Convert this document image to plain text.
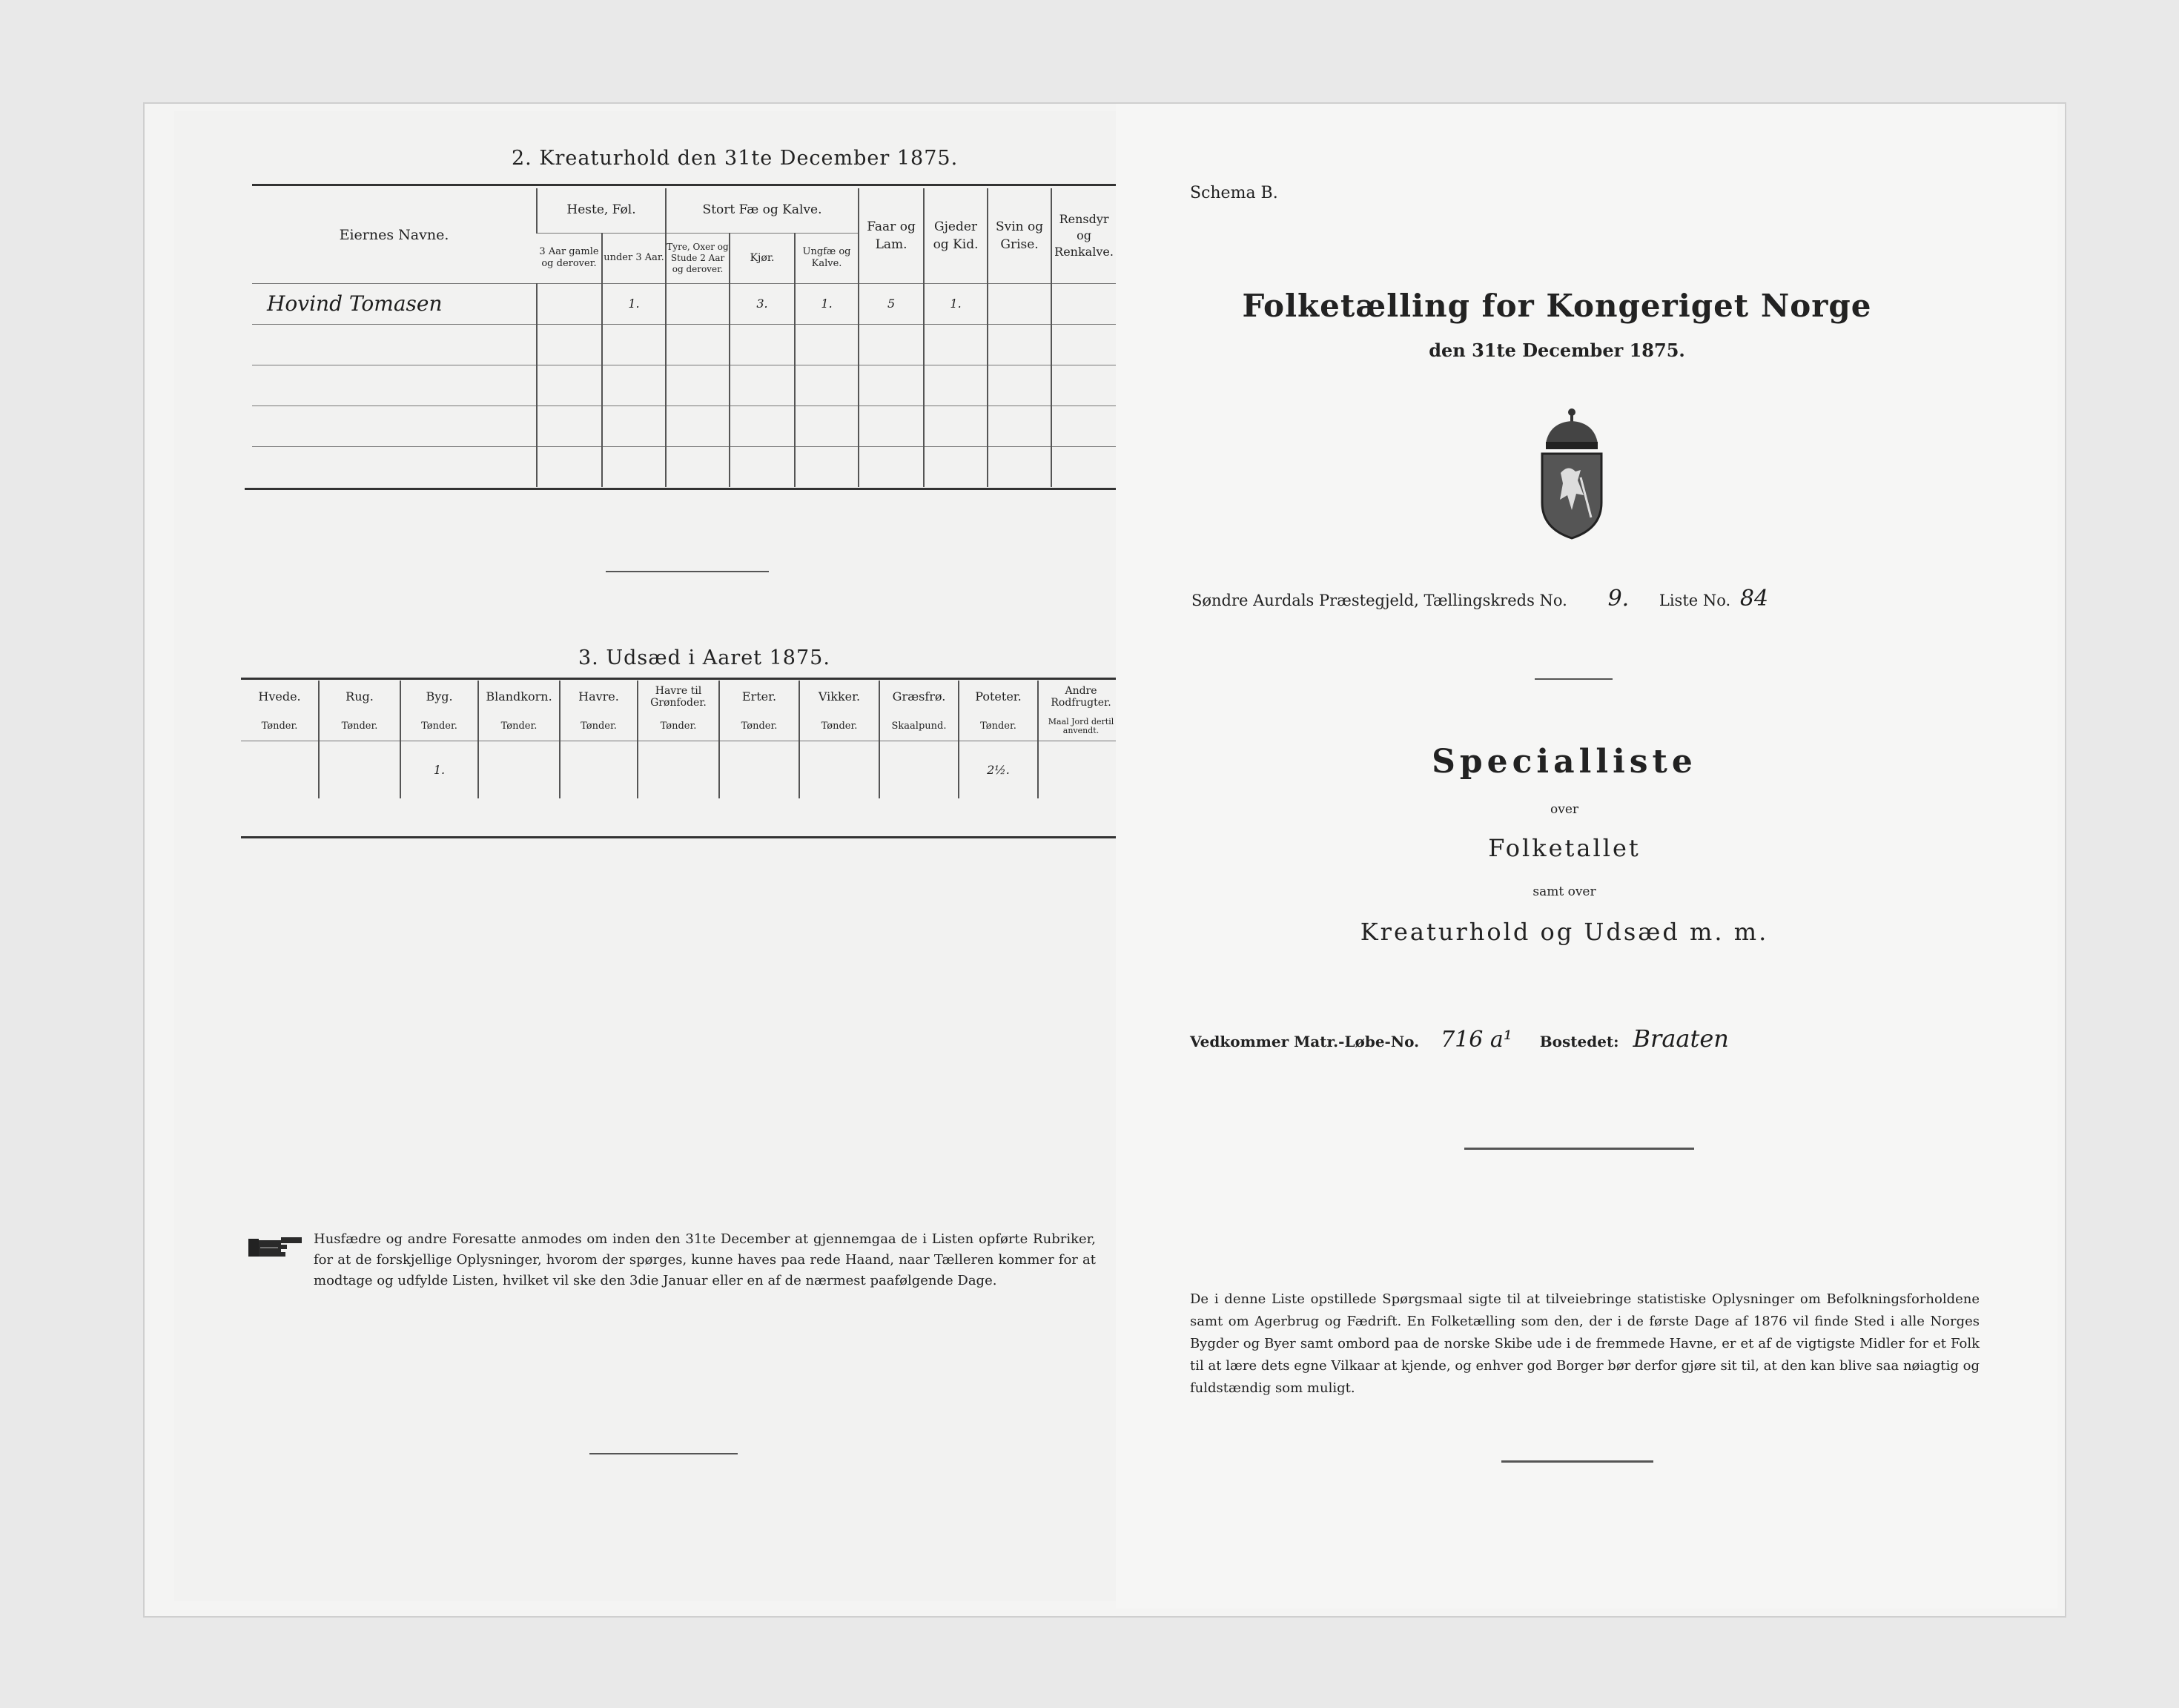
2. Kreaturhold den 31te December 1875.
Eiernes Navne.	Heste, Føl.		Stort Fæ og Kalve.			Faar og Lam.	Gjeder og Kid.	Svin og Grise.	Rensdyr og Renkalve.
	3 Aar gamle og derover.	under 3 Aar.	Tyre, Oxer og Stude 2 Aar og derover.	Kjør.	Ungfæ og Kalve.				
Hovind Tomasen		1.		3.	1.	5	1.		

3. Udsæd i Aaret 1875.
Hvede.	Rug.	Byg.	Blandkorn.	Havre.	Havre til Grønfoder.	Erter.	Vikker.	Græsfrø.	Poteter.	Andre Rodfrugter.
Tønder.	Tønder.	Tønder.	Tønder.	Tønder.	Tønder.	Tønder.	Tønder.	Skaalpund.	Tønder.	Maal Jord dertil anvendt.
		1.							2½.	
Husfædre og andre Foresatte anmodes om inden den 31te December at gjennemgaa de i Listen opførte Rubriker, for at de forskjellige Oplysninger, hvorom der spørges, kunne haves paa rede Haand, naar Tælleren kommer for at modtage og udfylde Listen, hvilket vil ske den 3die Januar eller en af de nærmest paafølgende Dage.
Schema B.
Folketælling for Kongeriget Norge
den 31te December 1875.
Søndre Aurdals Præstegjeld, Tællingskreds No. 9. Liste No. 84
Specialliste
over
Folketallet
samt over
Kreaturhold og Udsæd m. m.
Vedkommer Matr.-Løbe-No. 716 a¹ Bostedet: Braaten
De i denne Liste opstillede Spørgsmaal sigte til at tilveiebringe statistiske Oplysninger om Befolkningsforholdene samt om Agerbrug og Fædrift. En Folketælling som den, der i de første Dage af 1876 vil finde Sted i alle Norges Bygder og Byer samt ombord paa de norske Skibe ude i de fremmede Havne, er et af de vigtigste Midler for et Folk til at lære dets egne Vilkaar at kjende, og enhver god Borger bør derfor gjøre sit til, at den kan blive saa nøiagtig og fuldstændig som muligt.
